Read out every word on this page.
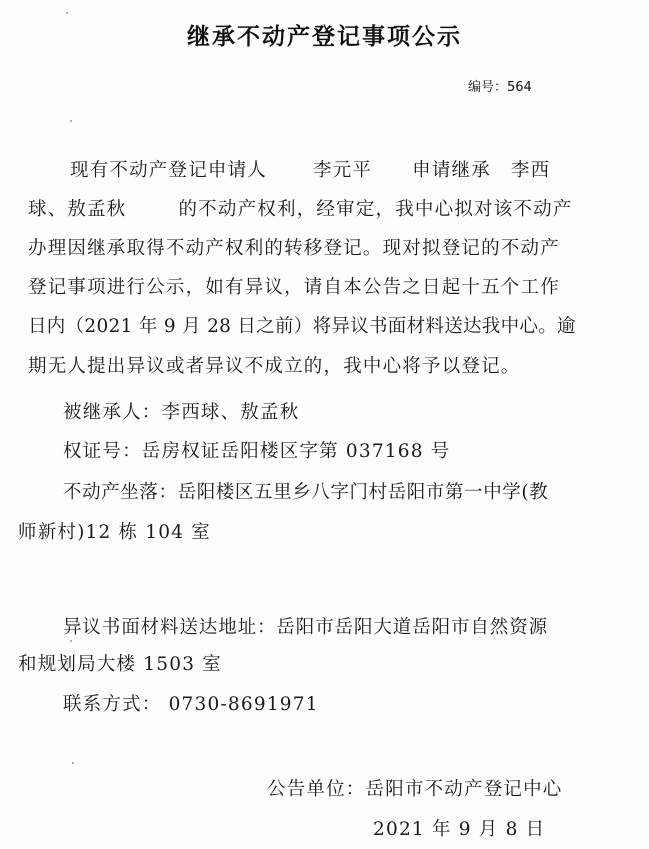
继承不动产登记事项公示
编号：564
现有不动产登记申请人 李元平 申请继承 李西
球、敖孟秋	的不动产权利，经审定，我中心拟对该不动产
办理因继承取得不动产权利的转移登记。现对拟登记的不动产
登记事项进行公示，如有异议，请自本公告之日起十五个工作
日内（2021 年 9 月 28 日之前）将异议书面材料送达我中心。逾
期无人提出异议或者异议不成立的，我中心将予以登记。
被继承人：李西球、敖孟秋
权证号：岳房权证岳阳楼区字第 037168 号
不动产坐落：岳阳楼区五里乡八字门村岳阳市第一中学(教
师新村)12 栋 104 室
异议书面材料送达地址：岳阳市岳阳大道岳阳市自然资源
和规划局大楼 1503 室
联系方式： 0730-8691971
公告单位：岳阳市不动产登记中心
2021 年 9 月 8 日
